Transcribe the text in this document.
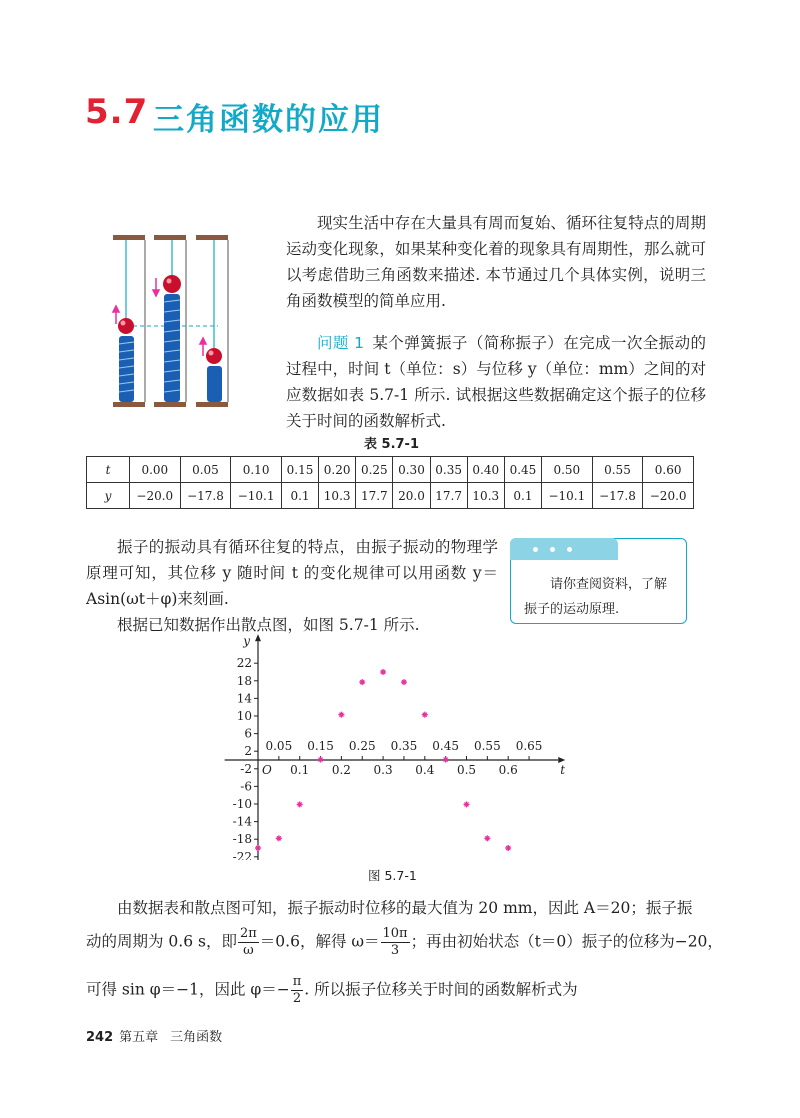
5.7 三角函数的应用
现实生活中存在大量具有周而复始、循环往复特点的周期运动变化现象，如果某种变化着的现象具有周期性，那么就可以考虑借助三角函数来描述. 本节通过几个具体实例，说明三角函数模型的简单应用.
问题 1 某个弹簧振子（简称振子）在完成一次全振动的过程中，时间 t（单位：s）与位移 y（单位：mm）之间的对应数据如表 5.7-1 所示. 试根据这些数据确定这个振子的位移关于时间的函数解析式.
表 5.7-1
t	0.00	0.05	0.10	0.15	0.20	0.25	0.30	0.35	0.40	0.45	0.50	0.55	0.60
y	−20.0	−17.8	−10.1	0.1	10.3	17.7	20.0	17.7	10.3	0.1	−10.1	−17.8	−20.0
振子的振动具有循环往复的特点，由振子振动的物理学原理可知，其位移 y 随时间 t 的变化规律可以用函数 y＝Asin(ωt＋φ)来刻画.
根据已知数据作出散点图，如图 5.7-1 所示.
请你查阅资料，了解振子的运动原理.
t
y
O
22
18
14
10
6
2
-2
-6
-10
-14
-18
-22
0.1 0.2 0.3 0.4 0.5 0.6
0.05 0.15 0.25 0.35 0.45 0.55 0.65
图 5.7-1
由数据表和散点图可知，振子振动时位移的最大值为 20 mm，因此 A＝20；振子振
动的周期为 0.6 s，即 $\frac{2\pi}{\omega} =0.6$，解得 $\omega= \frac{10\pi}{3}$ ；再由初始状态（t＝0）振子的位移为−20，
可得 sin φ＝−1，因此 $\varphi=- \frac{\pi}{2}$ . 所以振子位移关于时间的函数解析式为
242 第五章 三角函数
